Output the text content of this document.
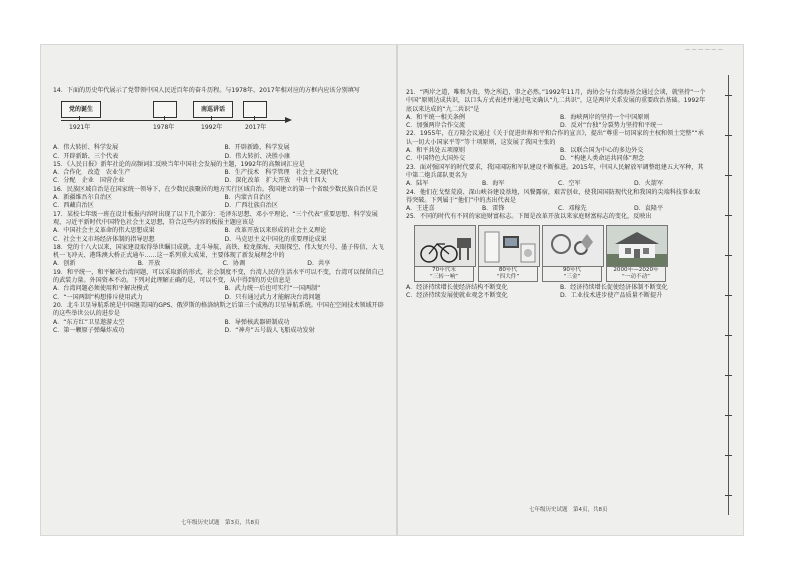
— — — — — —

14．下面的历史年代展示了党带领中国人民近百年的奋斗历程。与1978年、2017年相对应的方框内应该分别填写

党的诞生	南巡讲话
1921年	1978年	1992年	2017年
A．伟大转折、科学发展	B．开辟新路、科学发展
C．开辟新路、三个代表	D．伟大转折、决胜小康

15．《人民日报》新年社论的高频词汇反映当年中国社会发展的主题，1992年的高频词汇应是

A．合作化　改造　农业生产	B．生产技术　科学管理　社会主义现代化
C．分配　企业　国营企业	D．深化改革　扩大开放　中共十四大

16．民族区域自治是在国家统一领导下，在少数民族聚居的地方实行区域自治。我国建立的第一个省级少数民族自治区是

A．新疆维吾尔自治区	B．内蒙古自治区
C．西藏自治区	D．广西壮族自治区

17．某校七年级一班在设计板报内容时出现了以下几个部分：毛泽东思想、邓小平理论、“三个代表”重要思想、科学发展观、习近平新时代中国特色社会主义思想，符合这些内容的板报主题应该是

A．中国社会主义革命的伟大思想成果	B．改革开放以来形成的社会主义理论
C．社会主义市场经济体制的指导思想	D．马克思主义中国化的重要理论成果

18．党的十八大以来，国家建设取得举世瞩目成就。北斗导航、高铁、蛟龙探海、天眼探空、伟大复兴号、墨子传信、大飞机一飞冲天、港珠澳大桥正式通车……这一系列重大成果，主要体现了新发展理念中的

A．创新	B．开放	C．协调	D．共享

19．和平统一，和平解决台湾问题，可以采取新的形式，社会制度不变，台湾人民的生活水平可以不变，台湾可以保留自己的武装力量。外国资本不动。下列对此理解正确的是，可以不变，从中得到的历史信息是

A．台湾问题必须使用和平解决模式	B．武力统一后也可实行“一国两制”
C．“一国两制”构想排斥使用武力	D．只有通过武力才能解决台湾问题

20．北斗卫星导航系统是中国继美国的GPS、俄罗斯的格洛纳斯之后第三个成熟的卫星导航系统。中国在空间技术领域开辟的这些举世公认的进步是

A．“东方红”卫星遨游太空	B．导弹核武器研制成功
C．第一颗原子弹爆炸成功	D．“神舟”五号载人飞船成功发射
七年级历史试题　第3页，共8页

21．“两岸之道，唯和为贵，势之所趋，事之必然。”1992年11月，海协会与台湾海基会通过会谈，就坚持“一个中国”原则达成共识，以口头方式表述并通过电文确认“九二共识”，这是两岸关系发展的重要政治基础。1992年底以来达成的“九二共识”是

A．和平统一相关条例	B．海峡两岸的坚持一个中国原则
C．加强两岸合作交流	D．反对“台独”分裂势力坚持和平统一

22．1955年，在万隆会议通过《关于促进世界和平和合作的宣言》，提出“尊重一切国家的主权和领土完整”“承认一切大小国家平等”等十项原则，这发展了我国主张的

A．和平共处五项原则	B．以联合国为中心的多边外交
C．中国特色大国外交	D．“构建人类命运共同体”理念

23．面对强国军的时代要求，我国国防和军队建设不断推进。2015年，中国人民解放军调整组建五大军种，其中第二炮兵部队更名为

A．陆军	B．海军	C．空军	D．火箭军

24．他们在戈壁荒漠、深山峡谷建设基地，风餐露宿，艰苦创业，使我国国防现代化和我国的尖端科技事业取得突破。下列属于“他们”中的杰出代表是

A．王进喜	B．雷锋	C．邓稼先	D．袁隆平

25．不同的时代有不同的家庭财富标志。下图是改革开放以来家庭财富标志的变化，反映出

70年代末
“三转一响”
80年代
“四大件”
90年代
“三金”
2000年—2020年
“一动不动”
A．经济持续增长使经济结构不断变化	B．经济持续增长促使经济体制不断变化
C．经济持续发展使就业观念不断变化	D．工业技术进步使产品质量不断提升
七年级历史试题　第4页，共8页
